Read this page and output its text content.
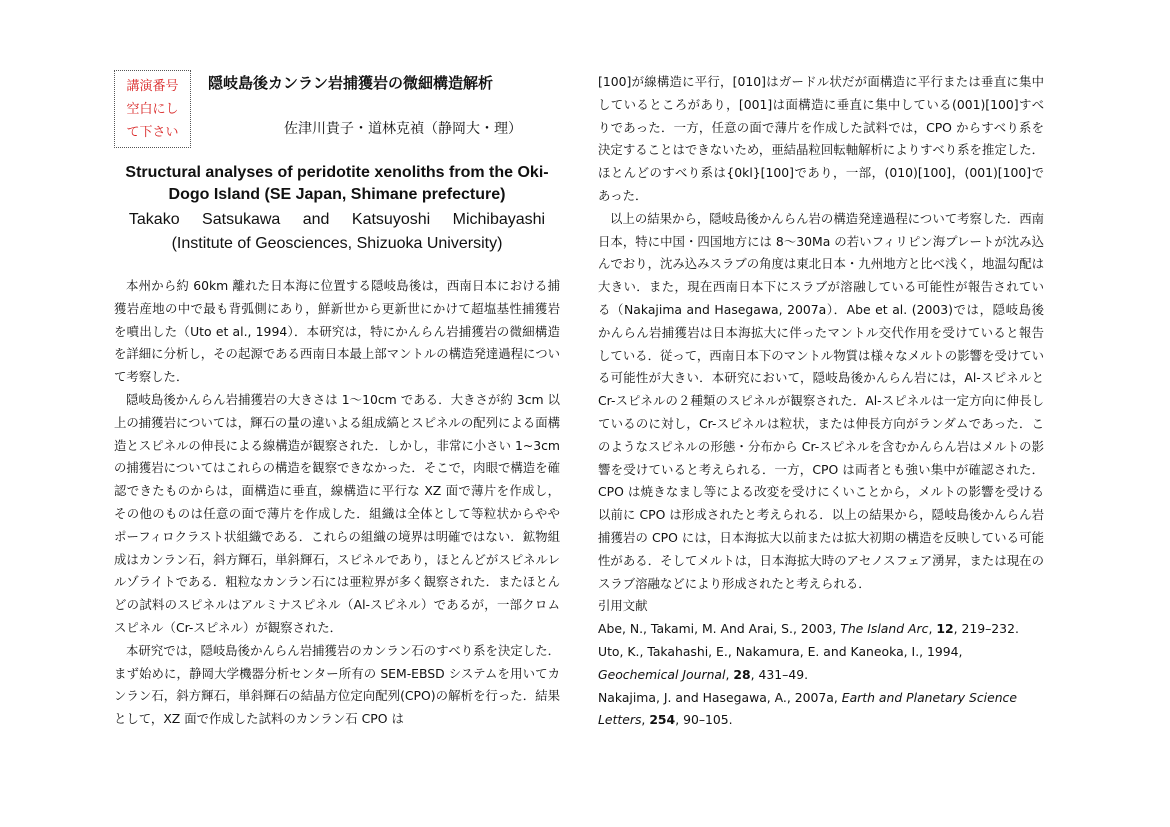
講演番号
空白にし
て下さい
隠岐島後カンラン岩捕獲岩の微細構造解析
佐津川貴子・道林克禎（静岡大・理）
Structural analyses of peridotite xenoliths from the Oki-
Dogo Island (SE Japan, Shimane prefecture)
Takako Satsukawa and Katsuyoshi Michibayashi
(Institute of Geosciences, Shizuoka University)

本州から約 60km 離れた日本海に位置する隠岐島後は，西南日本における捕獲岩産地の中で最も背弧側にあり，鮮新世から更新世にかけて超塩基性捕獲岩を噴出した（Uto et al., 1994）．本研究は，特にかんらん岩捕獲岩の微細構造を詳細に分析し，その起源である西南日本最上部マントルの構造発達過程について考察した．

隠岐島後かんらん岩捕獲岩の大きさは 1〜10cm である．大きさが約 3cm 以上の捕獲岩については，輝石の量の違いよる組成縞とスピネルの配列による面構造とスピネルの伸長による線構造が観察された．しかし，非常に小さい 1~3cm の捕獲岩についてはこれらの構造を観察できなかった．そこで，肉眼で構造を確認できたものからは，面構造に垂直，線構造に平行な XZ 面で薄片を作成し，その他のものは任意の面で薄片を作成した．組織は全体として等粒状からややポーフィロクラスト状組織である．これらの組織の境界は明確ではない．鉱物組成はカンラン石，斜方輝石，単斜輝石，スピネルであり，ほとんどがスピネルレルゾライトである．粗粒なカンラン石には亜粒界が多く観察された．またほとんどの試料のスピネルはアルミナスピネル（Al-スピネル）であるが，一部クロムスピネル（Cr-スピネル）が観察された．

本研究では，隠岐島後かんらん岩捕獲岩のカンラン石のすべり系を決定した．まず始めに，静岡大学機器分析センター所有の SEM-EBSD システムを用いてカンラン石，斜方輝石，単斜輝石の結晶方位定向配列(CPO)の解析を行った．結果として，XZ 面で作成した試料のカンラン石 CPO は

[100]が線構造に平行，[010]はガードル状だが面構造に平行または垂直に集中しているところがあり，[001]は面構造に垂直に集中している(001)[100]すべりであった．一方，任意の面で薄片を作成した試料では，CPO からすべり系を決定することはできないため，亜結晶粒回転軸解析によりすべり系を推定した．ほとんどのすべり系は{0kl}[100]であり，一部，(010)[100]，(001)[100]であった．

以上の結果から，隠岐島後かんらん岩の構造発達過程について考察した．西南日本，特に中国・四国地方には 8〜30Ma の若いフィリピン海プレートが沈み込んでおり，沈み込みスラブの角度は東北日本・九州地方と比べ浅く，地温勾配は大きい．また，現在西南日本下にスラブが溶融している可能性が報告されている（Nakajima and Hasegawa, 2007a）．Abe et al. (2003)では，隠岐島後かんらん岩捕獲岩は日本海拡大に伴ったマントル交代作用を受けていると報告している．従って，西南日本下のマントル物質は様々なメルトの影響を受けている可能性が大きい．本研究において，隠岐島後かんらん岩には，Al-スピネルと Cr-スピネルの２種類のスピネルが観察された．Al-スピネルは一定方向に伸長しているのに対し，Cr-スピネルは粒状，または伸長方向がランダムであった．このようなスピネルの形態・分布から Cr-スピネルを含むかんらん岩はメルトの影響を受けていると考えられる．一方，CPO は両者とも強い集中が確認された．CPO は焼きなまし等による改変を受けにくいことから，メルトの影響を受ける以前に CPO は形成されたと考えられる．以上の結果から，隠岐島後かんらん岩捕獲岩の CPO には，日本海拡大以前または拡大初期の構造を反映している可能性がある．そしてメルトは，日本海拡大時のアセノスフェア湧昇，または現在のスラブ溶融などにより形成されたと考えられる．

引用文献

Abe, N., Takami, M. And Arai, S., 2003, The Island Arc, 12, 219–232.

Uto, K., Takahashi, E., Nakamura, E. and Kaneoka, I., 1994, Geochemical Journal, 28, 431–49.

Nakajima, J. and Hasegawa, A., 2007a, Earth and Planetary Science Letters, 254, 90–105.
